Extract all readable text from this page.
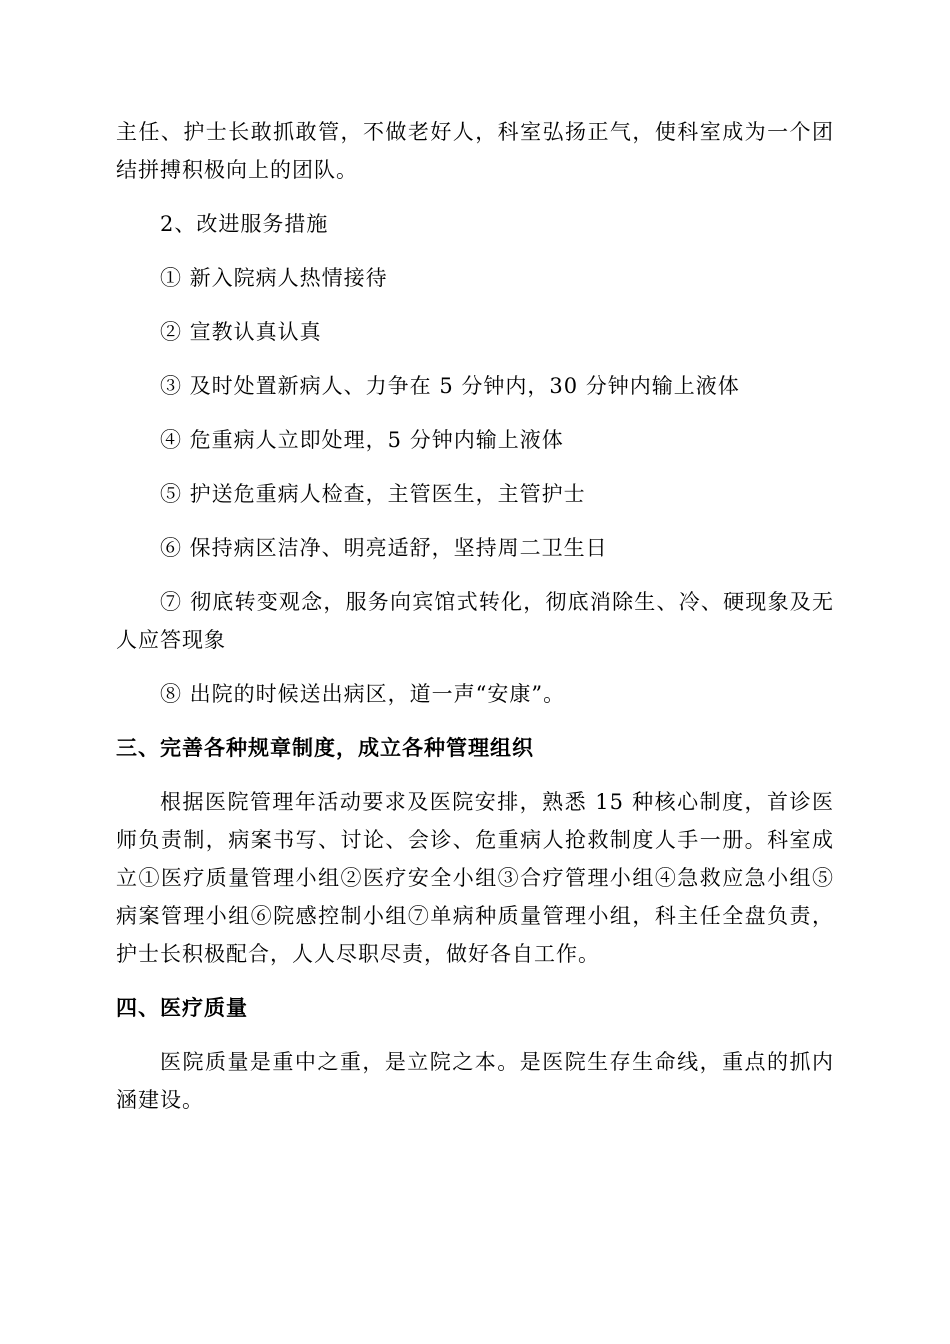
主任、护士长敢抓敢管，不做老好人，科室弘扬正气，使科室成为一个团结拼搏积极向上的团队。

2、改进服务措施

① 新入院病人热情接待

② 宣教认真认真

③ 及时处置新病人、力争在 5 分钟内，30 分钟内输上液体

④ 危重病人立即处理，5 分钟内输上液体

⑤ 护送危重病人检查，主管医生，主管护士

⑥ 保持病区洁净、明亮适舒，坚持周二卫生日

⑦ 彻底转变观念，服务向宾馆式转化，彻底消除生、冷、硬现象及无人应答现象

⑧ 出院的时候送出病区，道一声“安康”。

三、完善各种规章制度，成立各种管理组织

根据医院管理年活动要求及医院安排，熟悉 15 种核心制度，首诊医师负责制，病案书写、讨论、会诊、危重病人抢救制度人手一册。科室成立①医疗质量管理小组②医疗安全小组③合疗管理小组④急救应急小组⑤病案管理小组⑥院感控制小组⑦单病种质量管理小组，科主任全盘负责，护士长积极配合，人人尽职尽责，做好各自工作。

四、医疗质量

医院质量是重中之重，是立院之本。是医院生存生命线，重点的抓内涵建设。
